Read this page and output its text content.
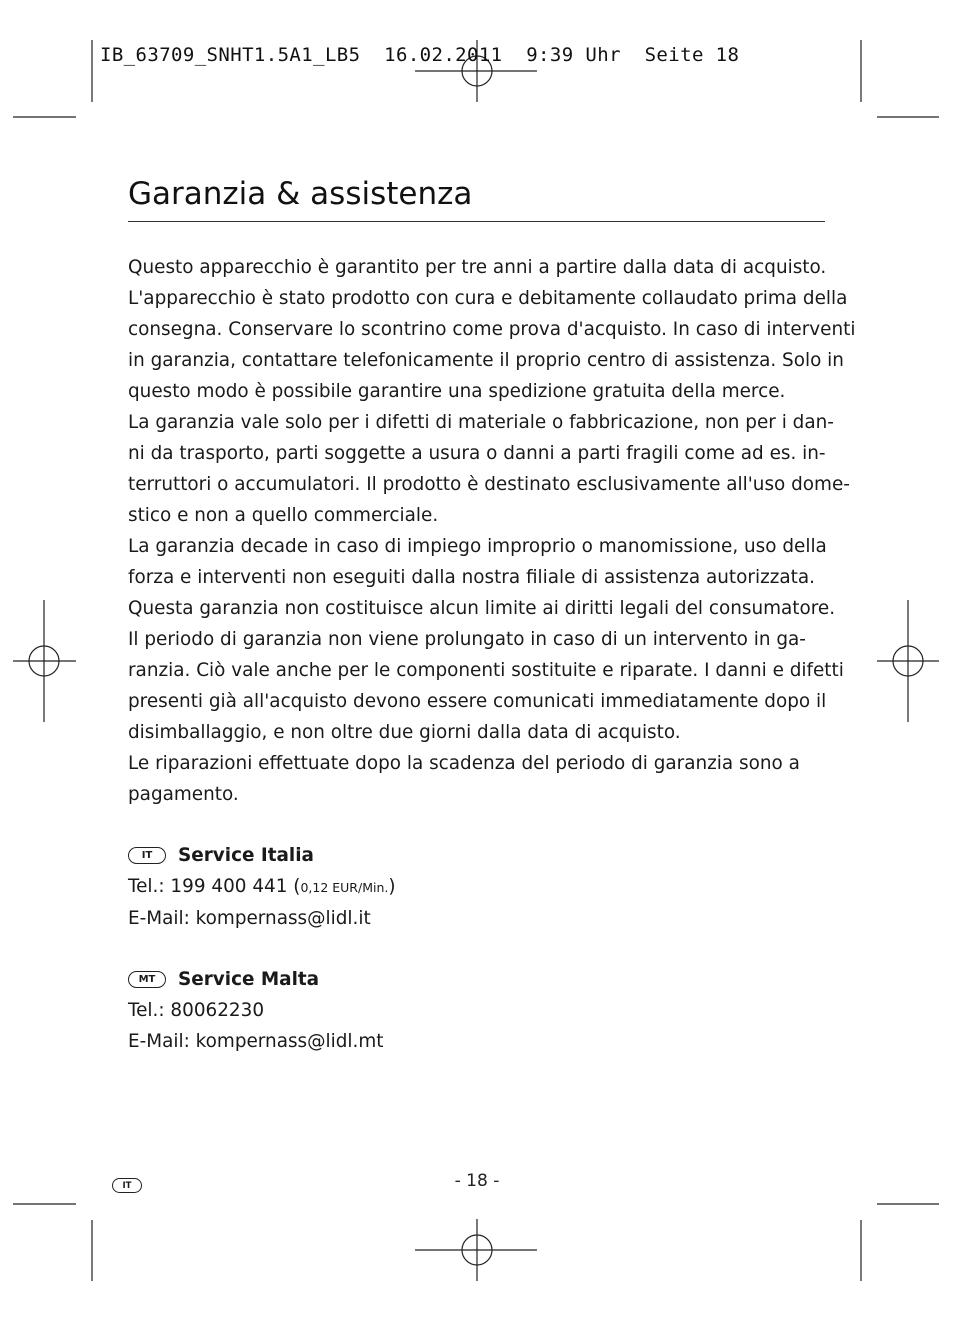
IB_63709_SNHT1.5A1_LB5  16.02.2011  9:39 Uhr  Seite 18
Garanzia & assistenza

Questo apparecchio è garantito per tre anni a partire dalla data di acquisto.

L'apparecchio è stato prodotto con cura e debitamente collaudato prima della

consegna. Conservare lo scontrino come prova d'acquisto. In caso di interventi

in garanzia, contattare telefonicamente il proprio centro di assistenza. Solo in

questo modo è possibile garantire una spedizione gratuita della merce.

La garanzia vale solo per i difetti di materiale o fabbricazione, non per i dan-

ni da trasporto, parti soggette a usura o danni a parti fragili come ad es. in-

terruttori o accumulatori. Il prodotto è destinato esclusivamente all'uso dome-

stico e non a quello commerciale.

La garanzia decade in caso di impiego improprio o manomissione, uso della

forza e interventi non eseguiti dalla nostra filiale di assistenza autorizzata.

Questa garanzia non costituisce alcun limite ai diritti legali del consumatore.

Il periodo di garanzia non viene prolungato in caso di un intervento in ga-

ranzia. Ciò vale anche per le componenti sostituite e riparate. I danni e difetti

presenti già all'acquisto devono essere comunicati immediatamente dopo il

disimballaggio, e non oltre due giorni dalla data di acquisto.

Le riparazioni effettuate dopo la scadenza del periodo di garanzia sono a

pagamento.

IT	Service Italia

Tel.: 199 400 441 (0,12 EUR/Min.)

E-Mail: kompernass@lidl.it

MT	Service Malta

Tel.: 80062230

E-Mail: kompernass@lidl.mt

IT	- 18 -
